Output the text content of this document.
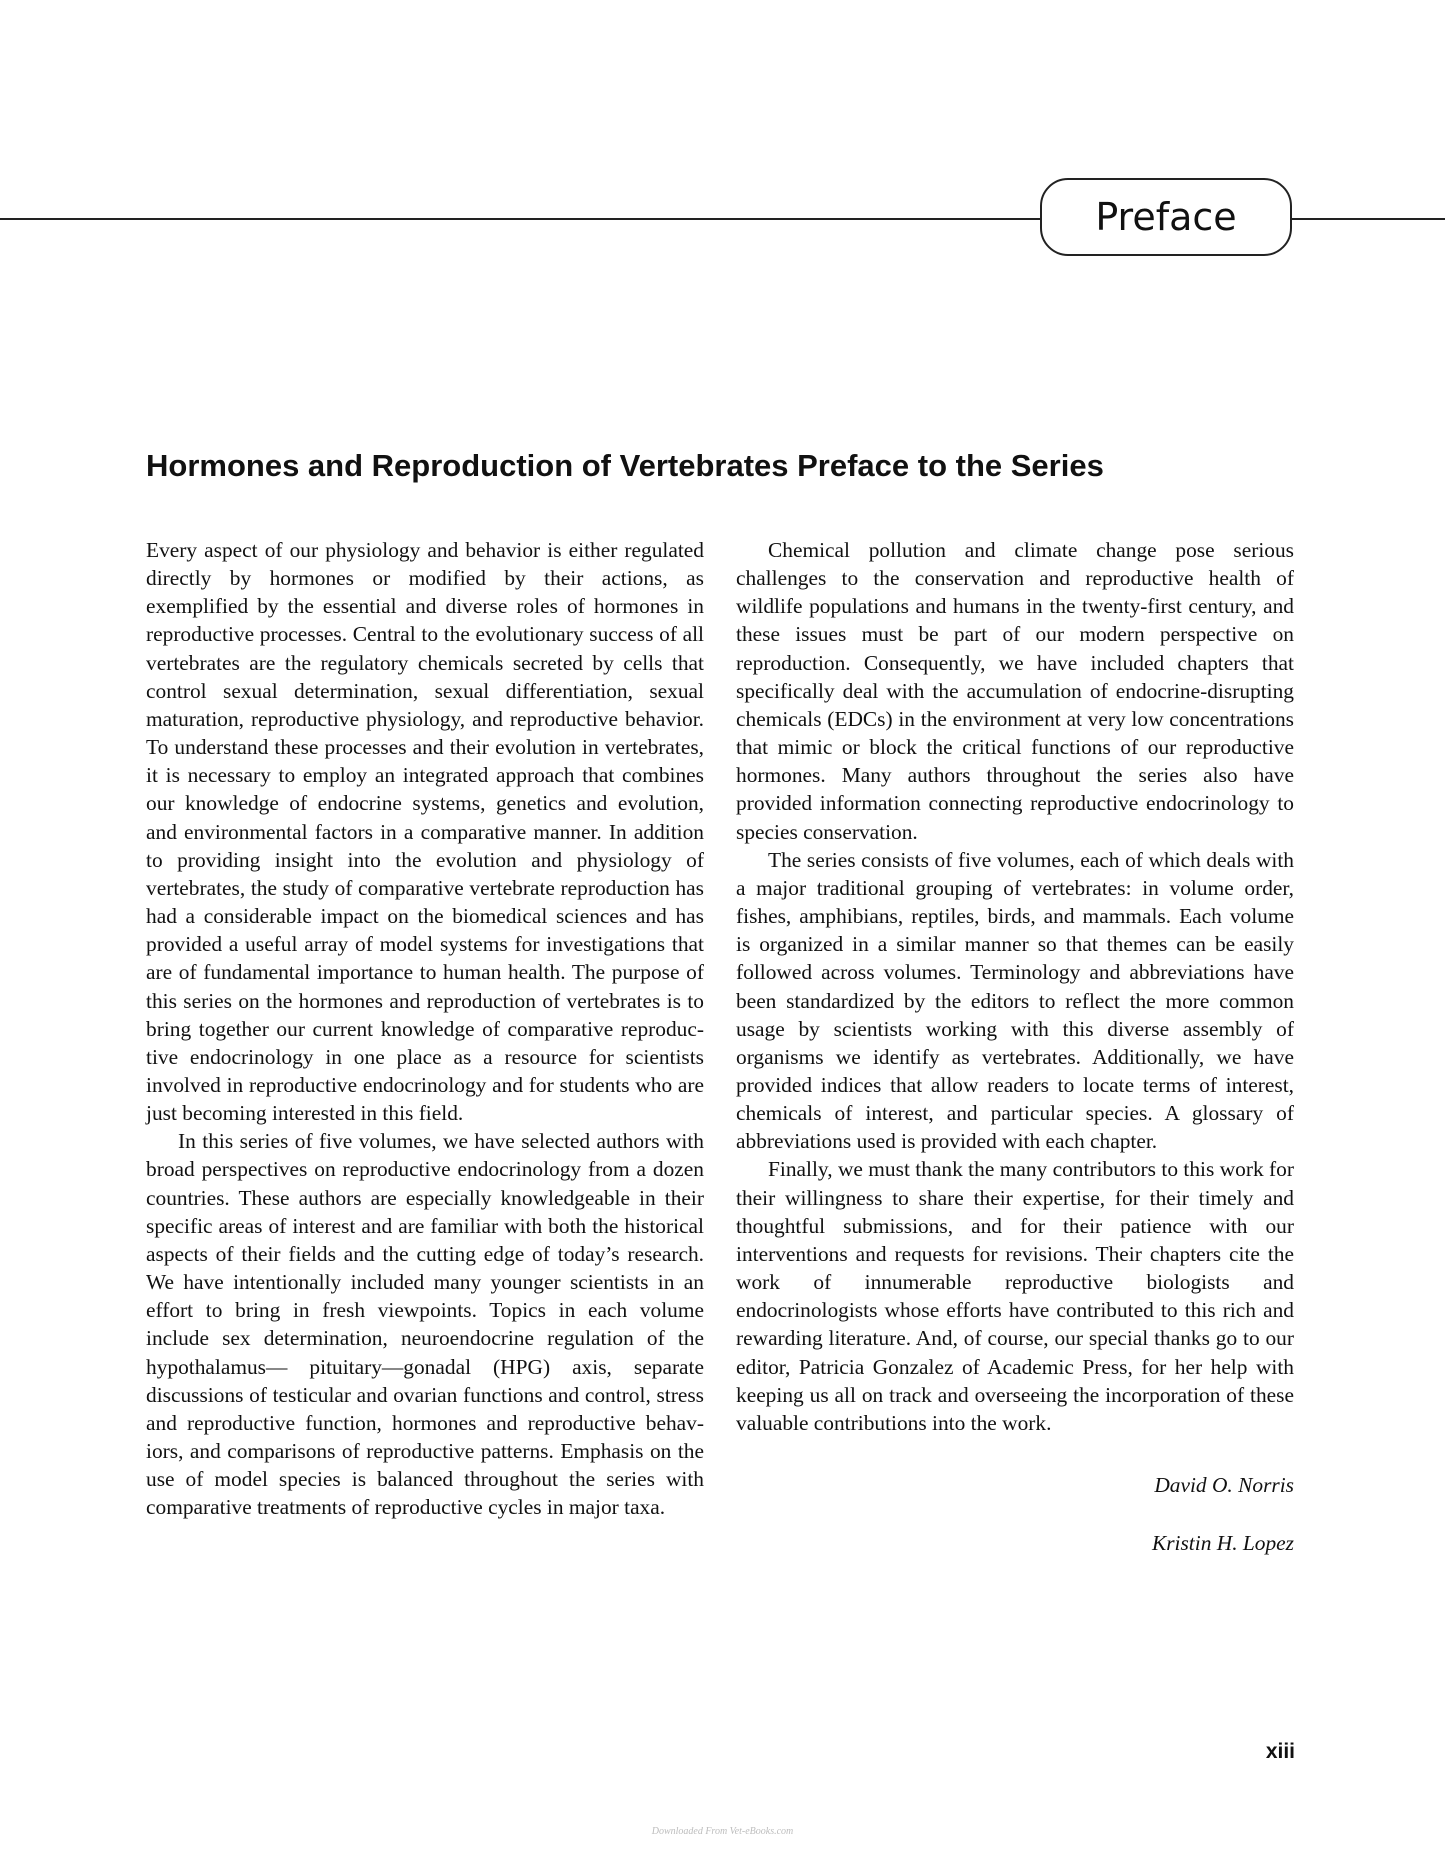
Preface
Hormones and Reproduction of Vertebrates Preface to the Series

Every aspect of our physiology and behavior is either regulated directly by hormones or modified by their actions, as exemplified by the essential and diverse roles of hormones in reproductive processes. Central to the evolutionary success of all vertebrates are the regulatory chemicals secreted by cells that control sexual determination, sexual differentiation, sexual maturation, reproductive physiology, and reproductive behavior. To understand these processes and their evolution in vertebrates, it is necessary to employ an integrated approach that combines our knowledge of endocrine systems, genetics and evolution, and environmental factors in a comparative manner. In addition to providing insight into the evolution and physiology of vertebrates, the study of comparative vertebrate reproduction has had a considerable impact on the biomedical sciences and has provided a useful array of model systems for investigations that are of fundamental importance to human health. The purpose of this series on the hormones and reproduction of vertebrates is to bring together our current knowledge of comparative reproductive endocrinology in one place as a resource for scientists involved in reproductive endocrinology and for students who are just becoming interested in this field.

In this series of five volumes, we have selected authors with broad perspectives on reproductive endocrinology from a dozen countries. These authors are especially knowledgeable in their specific areas of interest and are familiar with both the historical aspects of their fields and the cutting edge of today’s research. We have intentionally included many younger scientists in an effort to bring in fresh viewpoints. Topics in each volume include sex determination, neuroendocrine regulation of the hypothalamus— pituitary—gonadal (HPG) axis, separate discussions of testicular and ovarian functions and control, stress and reproductive function, hormones and reproductive behaviors, and comparisons of reproductive patterns. Emphasis on the use of model species is balanced throughout the series with comparative treatments of reproductive cycles in major taxa.

Chemical pollution and climate change pose serious challenges to the conservation and reproductive health of wildlife populations and humans in the twenty-first century, and these issues must be part of our modern perspective on reproduction. Consequently, we have included chapters that specifically deal with the accumulation of endocrine-disrupting chemicals (EDCs) in the environment at very low concentrations that mimic or block the critical functions of our reproductive hormones. Many authors throughout the series also have provided information connecting reproductive endocrinology to species conservation.

The series consists of five volumes, each of which deals with a major traditional grouping of vertebrates: in volume order, fishes, amphibians, reptiles, birds, and mammals. Each volume is organized in a similar manner so that themes can be easily followed across volumes. Terminology and abbreviations have been standardized by the editors to reflect the more common usage by scientists working with this diverse assembly of organisms we identify as vertebrates. Additionally, we have provided indices that allow readers to locate terms of interest, chemicals of interest, and particular species. A glossary of abbreviations used is provided with each chapter.

Finally, we must thank the many contributors to this work for their willingness to share their expertise, for their timely and thoughtful submissions, and for their patience with our interventions and requests for revisions. Their chapters cite the work of innumerable reproductive biologists and endocrinologists whose efforts have contributed to this rich and rewarding literature. And, of course, our special thanks go to our editor, Patricia Gonzalez of Academic Press, for her help with keeping us all on track and overseeing the incorporation of these valuable contributions into the work.

David O. Norris
Kristin H. Lopez
xiii
Downloaded From Vet-eBooks.com
